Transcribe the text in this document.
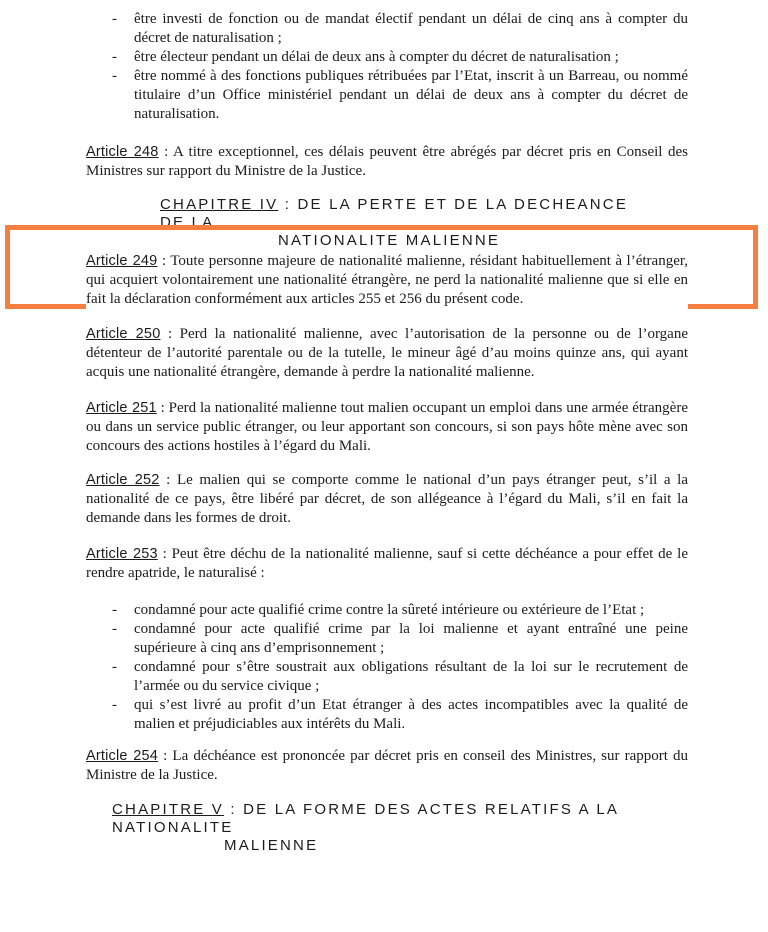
- être investi de fonction ou de mandat électif pendant un délai de cinq ans à compter du décret de naturalisation ;
- être électeur pendant un délai de deux ans à compter du décret de naturalisation ;
- être nommé à des fonctions publiques rétribuées par l’Etat, inscrit à un Barreau, ou nommé titulaire d’un Office ministériel pendant un délai de deux ans à compter du décret de naturalisation.

Article 248 : A titre exceptionnel, ces délais peuvent être abrégés par décret pris en Conseil des Ministres sur rapport du Ministre de la Justice.

CHAPITRE IV : DE LA PERTE ET DE LA DECHEANCE DE LA
NATIONALITE MALIENNE

Article 249 : Toute personne majeure de nationalité malienne, résidant habituellement à l’étranger, qui acquiert volontairement une nationalité étrangère, ne perd la nationalité malienne que si elle en fait la déclaration conformément aux articles 255 et 256 du présent code.

Article 250 : Perd la nationalité malienne, avec l’autorisation de la personne ou de l’organe détenteur de l’autorité parentale ou de la tutelle, le mineur âgé d’au moins quinze ans, qui ayant acquis une nationalité étrangère, demande à perdre la nationalité malienne.

Article 251 : Perd la nationalité malienne tout malien occupant un emploi dans une armée étrangère ou dans un service public étranger, ou leur apportant son concours, si son pays hôte mène avec son concours des actions hostiles à l’égard du Mali.

Article 252 : Le malien qui se comporte comme le national d’un pays étranger peut, s’il a la nationalité de ce pays, être libéré par décret, de son allégeance à l’égard du Mali, s’il en fait la demande dans les formes de droit.

Article 253 : Peut être déchu de la nationalité malienne, sauf si cette déchéance a pour effet de le rendre apatride, le naturalisé :

- condamné pour acte qualifié crime contre la sûreté intérieure ou extérieure de l’Etat ;
- condamné pour acte qualifié crime par la loi malienne et ayant entraîné une peine supérieure à cinq ans d’emprisonnement ;
- condamné pour s’être soustrait aux obligations résultant de la loi sur le recrutement de l’armée ou du service civique ;
- qui s’est livré au profit d’un Etat étranger à des actes incompatibles avec la qualité de malien et préjudiciables aux intérêts du Mali.

Article 254 : La déchéance est prononcée par décret pris en conseil des Ministres, sur rapport du Ministre de la Justice.

CHAPITRE V : DE LA FORME DES ACTES RELATIFS A LA NATIONALITE
MALIENNE
